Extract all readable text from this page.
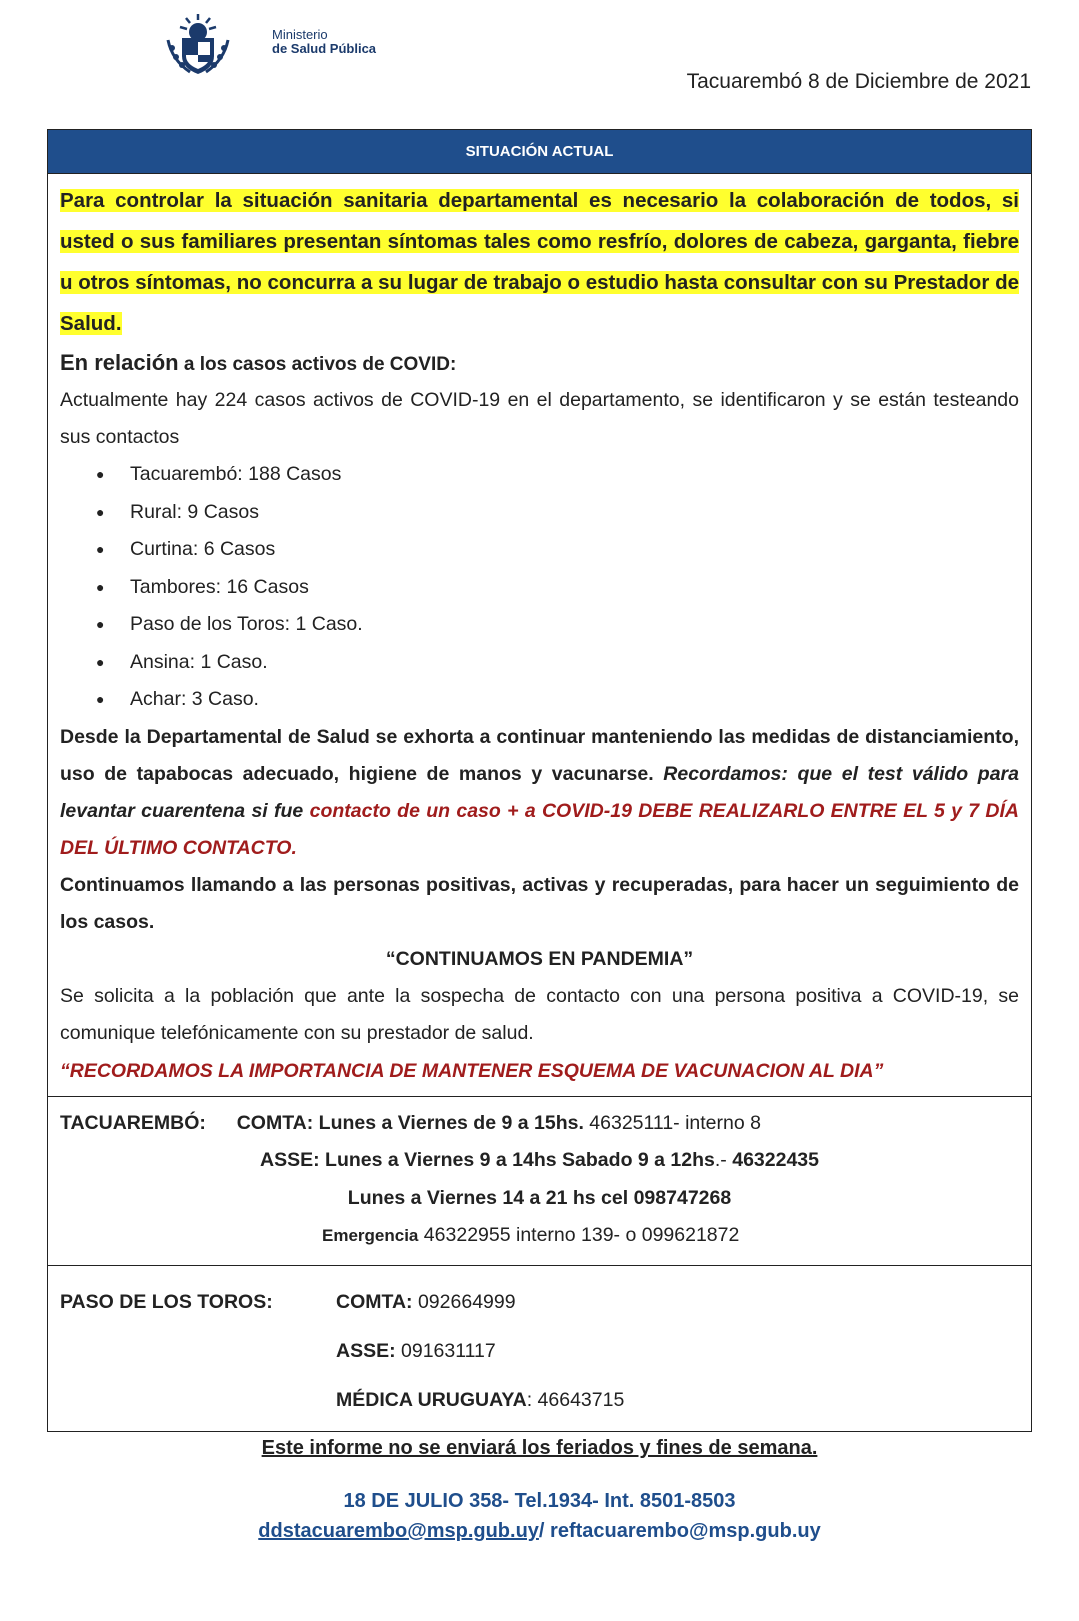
Ministerio
de Salud Pública
Tacuarembó 8 de Diciembre de 2021
SITUACIÓN ACTUAL
Para controlar la situación sanitaria departamental es necesario la colaboración de todos, si usted o sus familiares presentan síntomas tales como resfrío, dolores de cabeza, garganta, fiebre u otros síntomas, no concurra a su lugar de trabajo o estudio hasta consultar con su Prestador de Salud.
En relación a los casos activos de COVID:
Actualmente hay 224 casos activos de COVID-19 en el departamento, se identificaron y se están testeando sus contactos
● Tacuarembó: 188 Casos
● Rural: 9 Casos
● Curtina: 6 Casos
● Tambores: 16 Casos
● Paso de los Toros: 1 Caso.
● Ansina: 1 Caso.
● Achar: 3 Caso.
Desde la Departamental de Salud se exhorta a continuar manteniendo las medidas de distanciamiento, uso de tapabocas adecuado, higiene de manos y vacunarse. Recordamos: que el test válido para levantar cuarentena si fue contacto de un caso + a COVID-19 DEBE REALIZARLO ENTRE EL 5 y 7 DÍA DEL ÚLTIMO CONTACTO.
Continuamos llamando a las personas positivas, activas y recuperadas, para hacer un seguimiento de los casos.
“CONTINUAMOS EN PANDEMIA”
Se solicita a la población que ante la sospecha de contacto con una persona positiva a COVID-19, se comunique telefónicamente con su prestador de salud.
“RECORDAMOS LA IMPORTANCIA DE MANTENER ESQUEMA DE VACUNACION AL DIA”
TACUAREMBÓ: COMTA: Lunes a Viernes de 9 a 15hs. 46325111- interno 8
ASSE: Lunes a Viernes 9 a 14hs Sabado 9 a 12hs.- 46322435
Lunes a Viernes 14 a 21 hs cel 098747268
Emergencia 46322955 interno 139- o 099621872
PASO DE LOS TOROS:	COMTA: 092664999
ASSE: 091631117
MÉDICA URUGUAYA: 46643715
Este informe no se enviará los feriados y fines de semana.
18 DE JULIO 358- Tel.1934- Int. 8501-8503
ddstacuarembo@msp.gub.uy/ reftacuarembo@msp.gub.uy
